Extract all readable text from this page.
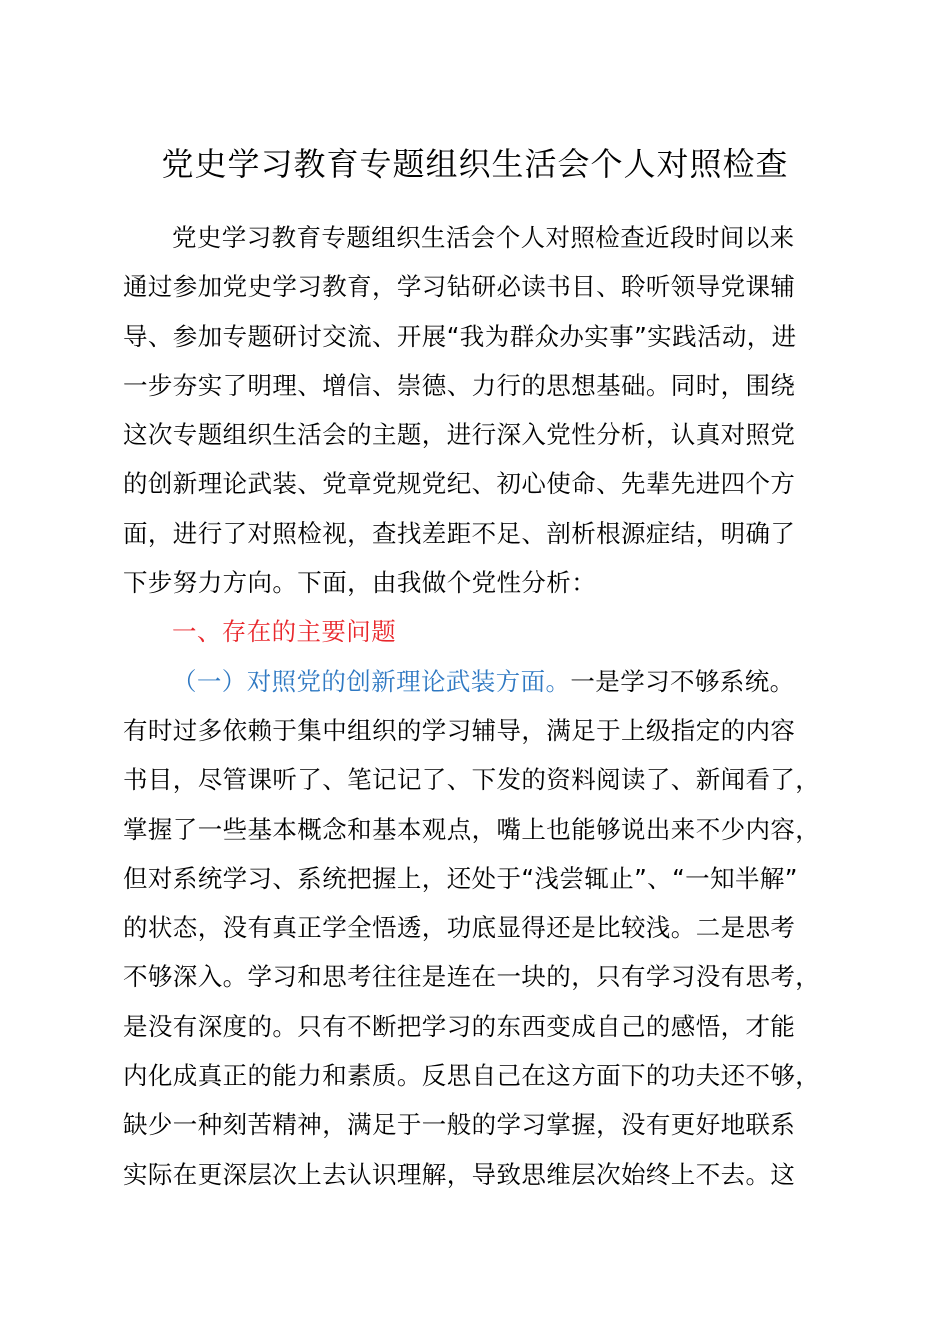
党史学习教育专题组织生活会个人对照检查
党史学习教育专题组织生活会个人对照检查近段时间以来
通过参加党史学习教育，学习钻研必读书目、聆听领导党课辅
导、参加专题研讨交流、开展“我为群众办实事”实践活动，进
一步夯实了明理、增信、崇德、力行的思想基础。同时，围绕
这次专题组织生活会的主题，进行深入党性分析，认真对照党
的创新理论武装、党章党规党纪、初心使命、先辈先进四个方
面，进行了对照检视，查找差距不足、剖析根源症结，明确了
下步努力方向。下面，由我做个党性分析：
一、存在的主要问题
（一）对照党的创新理论武装方面。一是学习不够系统。
有时过多依赖于集中组织的学习辅导，满足于上级指定的内容
书目，尽管课听了、笔记记了、下发的资料阅读了、新闻看了，
掌握了一些基本概念和基本观点，嘴上也能够说出来不少内容，
但对系统学习、系统把握上，还处于“浅尝辄止”、“一知半解”
的状态，没有真正学全悟透，功底显得还是比较浅。二是思考
不够深入。学习和思考往往是连在一块的，只有学习没有思考，
是没有深度的。只有不断把学习的东西变成自己的感悟，才能
内化成真正的能力和素质。反思自己在这方面下的功夫还不够，
缺少一种刻苦精神，满足于一般的学习掌握，没有更好地联系
实际在更深层次上去认识理解，导致思维层次始终上不去。这
